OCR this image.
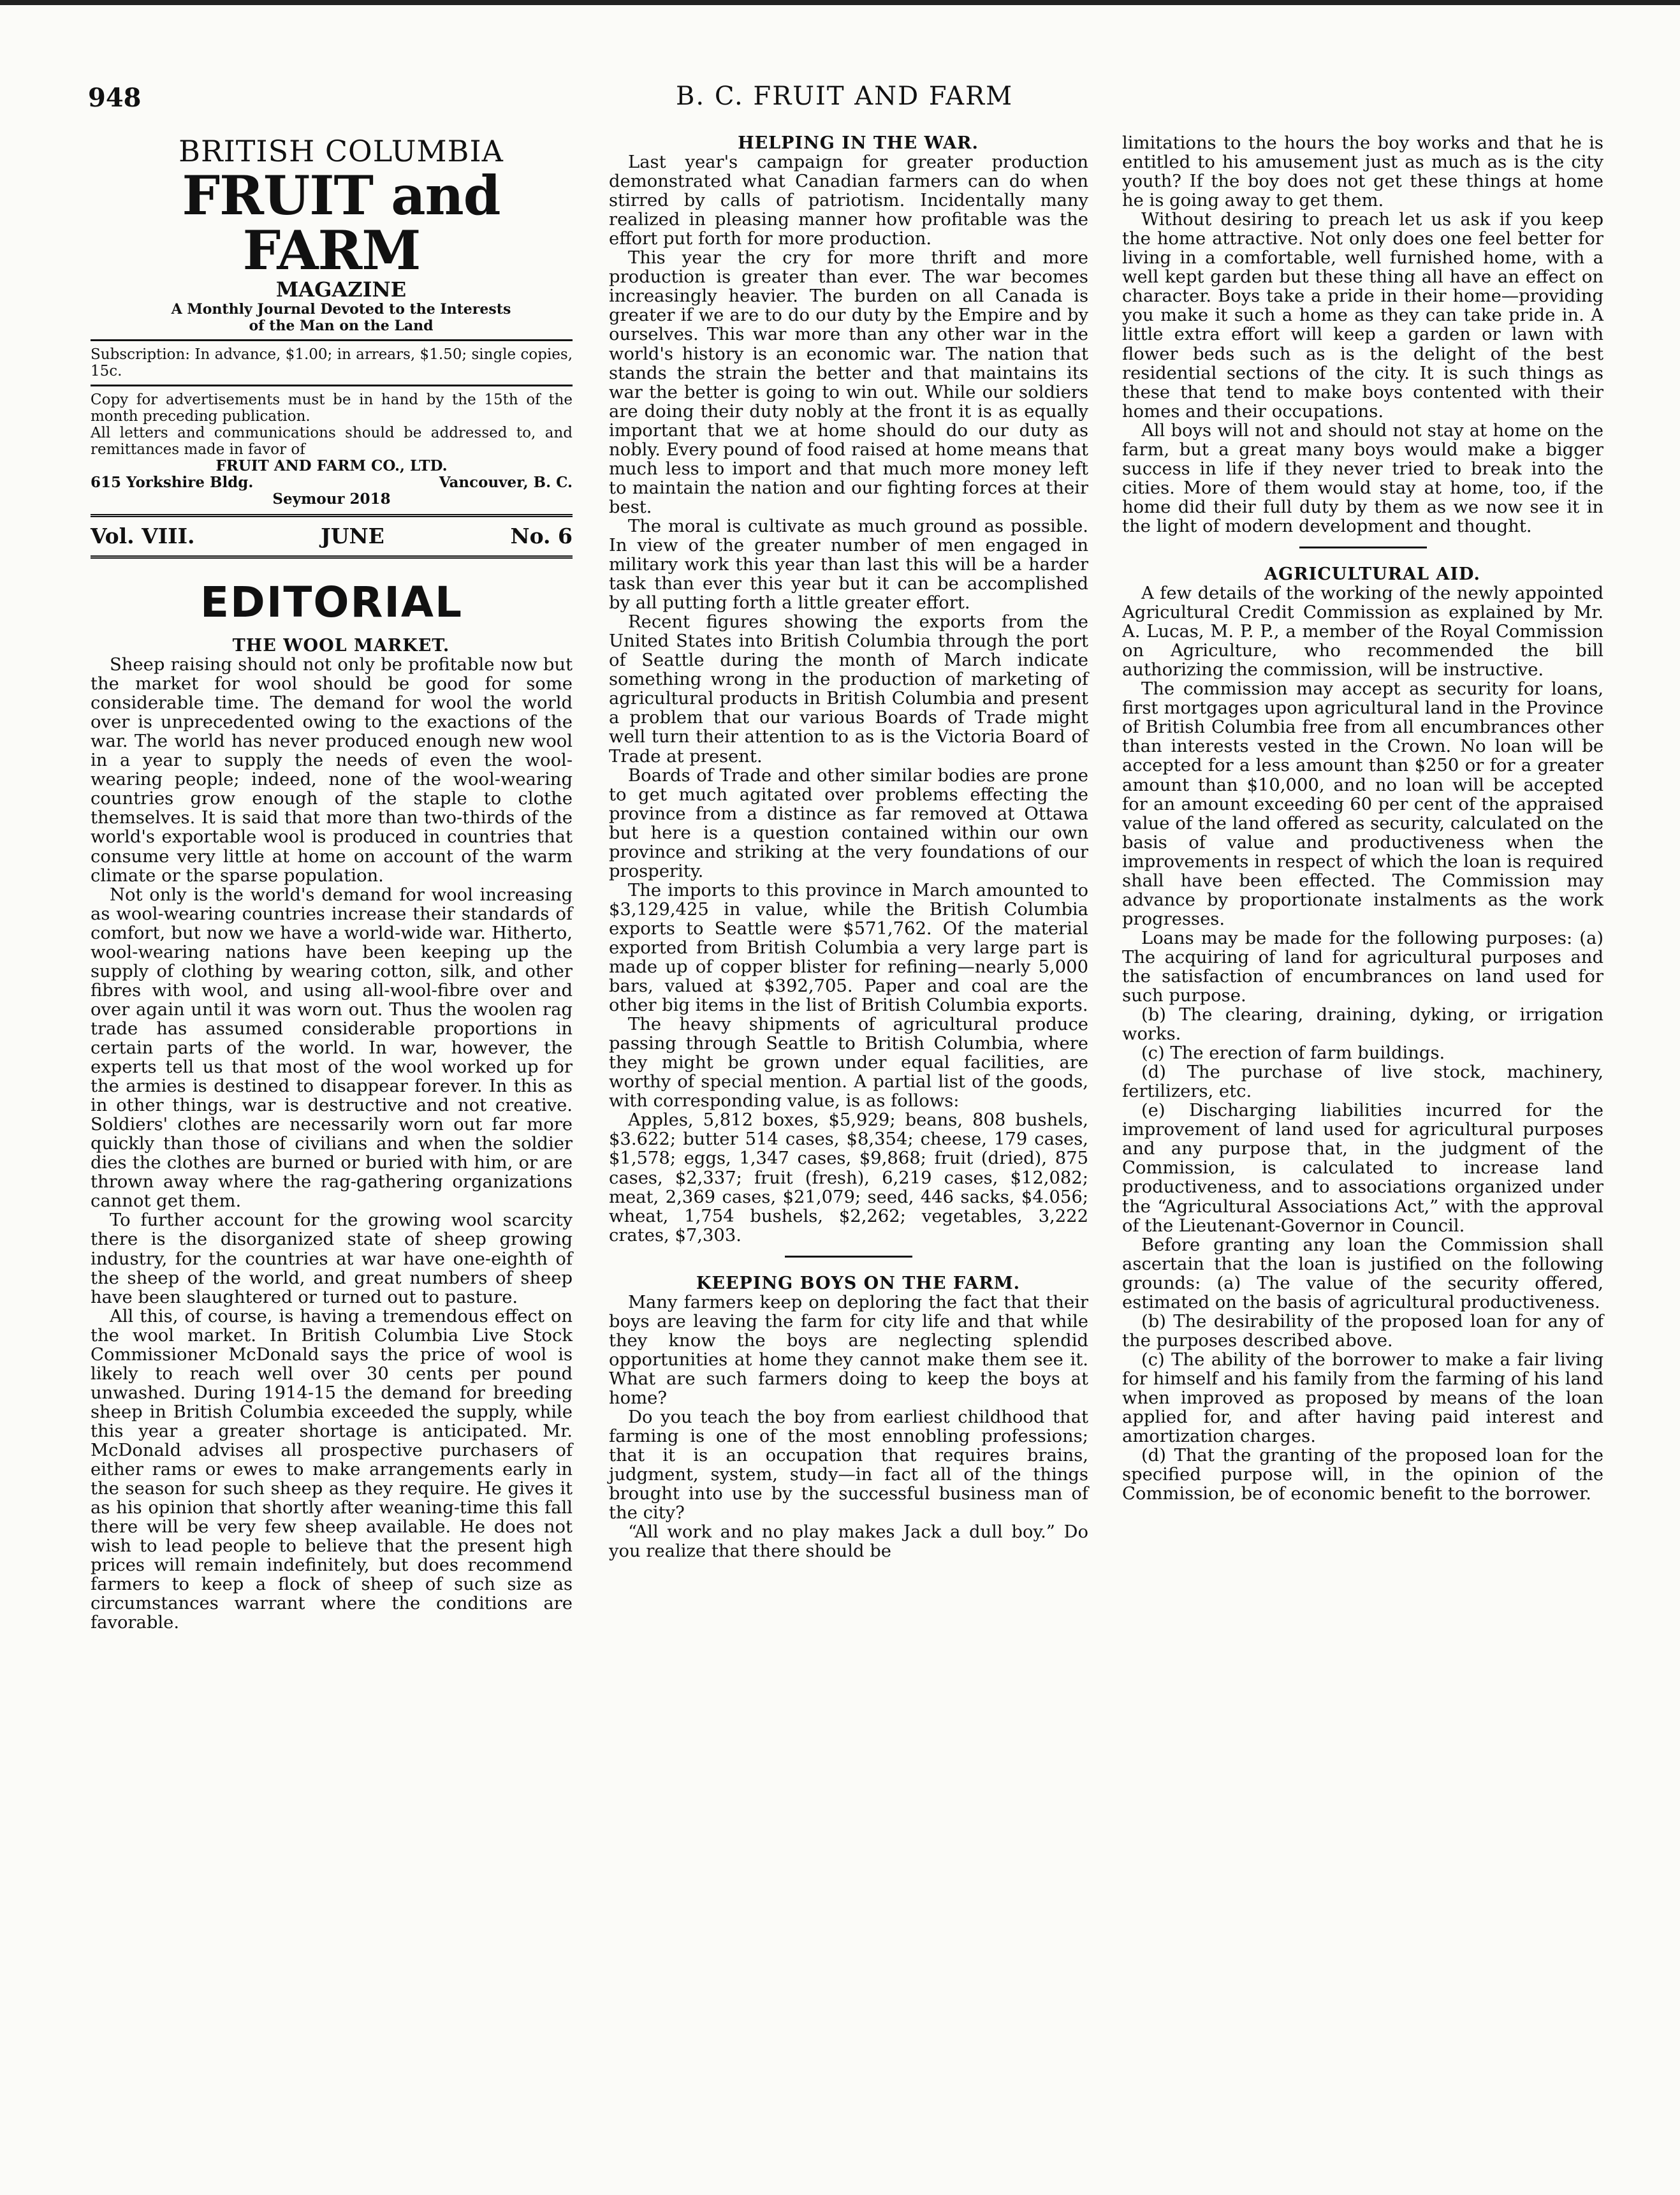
948	B. C. FRUIT AND FARM

BRITISH COLUMBIA

FRUIT and FARM

MAGAZINE

A Monthly Journal Devoted to the Interests

of the Man on the Land

Subscription: In advance, $1.00; in arrears, $1.50; single copies, 15c.

Copy for advertisements must be in hand by the 15th of the month preceding publication.

All letters and communications should be addressed to, and remittances made in favor of

FRUIT AND FARM CO., LTD.

615 Yorkshire Bldg.	Vancouver, B. C.

Seymour 2018

Vol. VIII.	JUNE	No. 6
EDITORIAL

THE WOOL MARKET.

Sheep raising should not only be profitable now but the market for wool should be good for some considerable time. The demand for wool the world over is unprecedented owing to the exactions of the war. The world has never produced enough new wool in a year to supply the needs of even the wool-wearing people; indeed, none of the wool-wearing countries grow enough of the staple to clothe themselves. It is said that more than two-thirds of the world's exportable wool is produced in countries that consume very little at home on account of the warm climate or the sparse population.

Not only is the world's demand for wool increasing as wool-wearing countries increase their standards of comfort, but now we have a world-wide war. Hitherto, wool-wearing nations have been keeping up the supply of clothing by wearing cotton, silk, and other fibres with wool, and using all-wool-fibre over and over again until it was worn out. Thus the woolen rag trade has assumed considerable proportions in certain parts of the world. In war, however, the experts tell us that most of the wool worked up for the armies is destined to disappear forever. In this as in other things, war is destructive and not creative. Soldiers' clothes are necessarily worn out far more quickly than those of civilians and when the soldier dies the clothes are burned or buried with him, or are thrown away where the rag-gathering organizations cannot get them.

To further account for the growing wool scarcity there is the disorganized state of sheep growing industry, for the countries at war have one-eighth of the sheep of the world, and great numbers of sheep have been slaughtered or turned out to pasture.

All this, of course, is having a tremendous effect on the wool market. In British Columbia Live Stock Commissioner McDonald says the price of wool is likely to reach well over 30 cents per pound unwashed. During 1914-15 the demand for breeding sheep in British Columbia exceeded the supply, while this year a greater shortage is anticipated. Mr. McDonald advises all prospective purchasers of either rams or ewes to make arrangements early in the season for such sheep as they require. He gives it as his opinion that shortly after weaning-time this fall there will be very few sheep available. He does not wish to lead people to believe that the present high prices will remain indefinitely, but does recommend farmers to keep a flock of sheep of such size as circumstances warrant where the conditions are favorable.

HELPING IN THE WAR.

Last year's campaign for greater production demonstrated what Canadian farmers can do when stirred by calls of patriotism. Incidentally many realized in pleasing manner how profitable was the effort put forth for more production.

This year the cry for more thrift and more production is greater than ever. The war becomes increasingly heavier. The burden on all Canada is greater if we are to do our duty by the Empire and by ourselves. This war more than any other war in the world's history is an economic war. The nation that stands the strain the better and that maintains its war the better is going to win out. While our soldiers are doing their duty nobly at the front it is as equally important that we at home should do our duty as nobly. Every pound of food raised at home means that much less to import and that much more money left to maintain the nation and our fighting forces at their best.

The moral is cultivate as much ground as possible. In view of the greater number of men engaged in military work this year than last this will be a harder task than ever this year but it can be accomplished by all putting forth a little greater effort.

Recent figures showing the exports from the United States into British Columbia through the port of Seattle during the month of March indicate something wrong in the production of marketing of agricultural products in British Columbia and present a problem that our various Boards of Trade might well turn their attention to as is the Victoria Board of Trade at present.

Boards of Trade and other similar bodies are prone to get much agitated over problems effecting the province from a distince as far removed at Ottawa but here is a question contained within our own province and striking at the very foundations of our prosperity.

The imports to this province in March amounted to $3,129,425 in value, while the British Columbia exports to Seattle were $571,762. Of the material exported from British Columbia a very large part is made up of copper blister for refining—nearly 5,000 bars, valued at $392,705. Paper and coal are the other big items in the list of British Columbia exports.

The heavy shipments of agricultural produce passing through Seattle to British Columbia, where they might be grown under equal facilities, are worthy of special mention. A partial list of the goods, with corresponding value, is as follows:

Apples, 5,812 boxes, $5,929; beans, 808 bushels, $3.622; butter 514 cases, $8,354; cheese, 179 cases, $1,578; eggs, 1,347 cases, $9,868; fruit (dried), 875 cases, $2,337; fruit (fresh), 6,219 cases, $12,082; meat, 2,369 cases, $21,079; seed, 446 sacks, $4.056; wheat, 1,754 bushels, $2,262; vegetables, 3,222 crates, $7,303.

KEEPING BOYS ON THE FARM.

Many farmers keep on deploring the fact that their boys are leaving the farm for city life and that while they know the boys are neglecting splendid opportunities at home they cannot make them see it. What are such farmers doing to keep the boys at home?

Do you teach the boy from earliest childhood that farming is one of the most ennobling professions; that it is an occupation that requires brains, judgment, system, study—in fact all of the things brought into use by the successful business man of the city?

“All work and no play makes Jack a dull boy.” Do you realize that there should be

limitations to the hours the boy works and that he is entitled to his amusement just as much as is the city youth? If the boy does not get these things at home he is going away to get them.

Without desiring to preach let us ask if you keep the home attractive. Not only does one feel better for living in a comfortable, well furnished home, with a well kept garden but these thing all have an effect on character. Boys take a pride in their home—providing you make it such a home as they can take pride in. A little extra effort will keep a garden or lawn with flower beds such as is the delight of the best residential sections of the city. It is such things as these that tend to make boys contented with their homes and their occupations.

All boys will not and should not stay at home on the farm, but a great many boys would make a bigger success in life if they never tried to break into the cities. More of them would stay at home, too, if the home did their full duty by them as we now see it in the light of modern development and thought.

AGRICULTURAL AID.

A few details of the working of the newly appointed Agricultural Credit Commission as explained by Mr. A. Lucas, M. P. P., a member of the Royal Commission on Agriculture, who recommended the bill authorizing the commission, will be instructive.

The commission may accept as security for loans, first mortgages upon agricultural land in the Province of British Columbia free from all encumbrances other than interests vested in the Crown. No loan will be accepted for a less amount than $250 or for a greater amount than $10,000, and no loan will be accepted for an amount exceeding 60 per cent of the appraised value of the land offered as security, calculated on the basis of value and productiveness when the improvements in respect of which the loan is required shall have been effected. The Commission may advance by proportionate instalments as the work progresses.

Loans may be made for the following purposes: (a) The acquiring of land for agricultural purposes and the satisfaction of encumbrances on land used for such purpose.

(b) The clearing, draining, dyking, or irrigation works.

(c) The erection of farm buildings.

(d) The purchase of live stock, machinery, fertilizers, etc.

(e) Discharging liabilities incurred for the improvement of land used for agricultural purposes and any purpose that, in the judgment of the Commission, is calculated to increase land productiveness, and to associations organized under the “Agricultural Associations Act,” with the approval of the Lieutenant-Governor in Council.

Before granting any loan the Commission shall ascertain that the loan is justified on the following grounds: (a) The value of the security offered, estimated on the basis of agricultural productiveness.

(b) The desirability of the proposed loan for any of the purposes described above.

(c) The ability of the borrower to make a fair living for himself and his family from the farming of his land when improved as proposed by means of the loan applied for, and after having paid interest and amortization charges.

(d) That the granting of the proposed loan for the specified purpose will, in the opinion of the Commission, be of economic benefit to the borrower.
